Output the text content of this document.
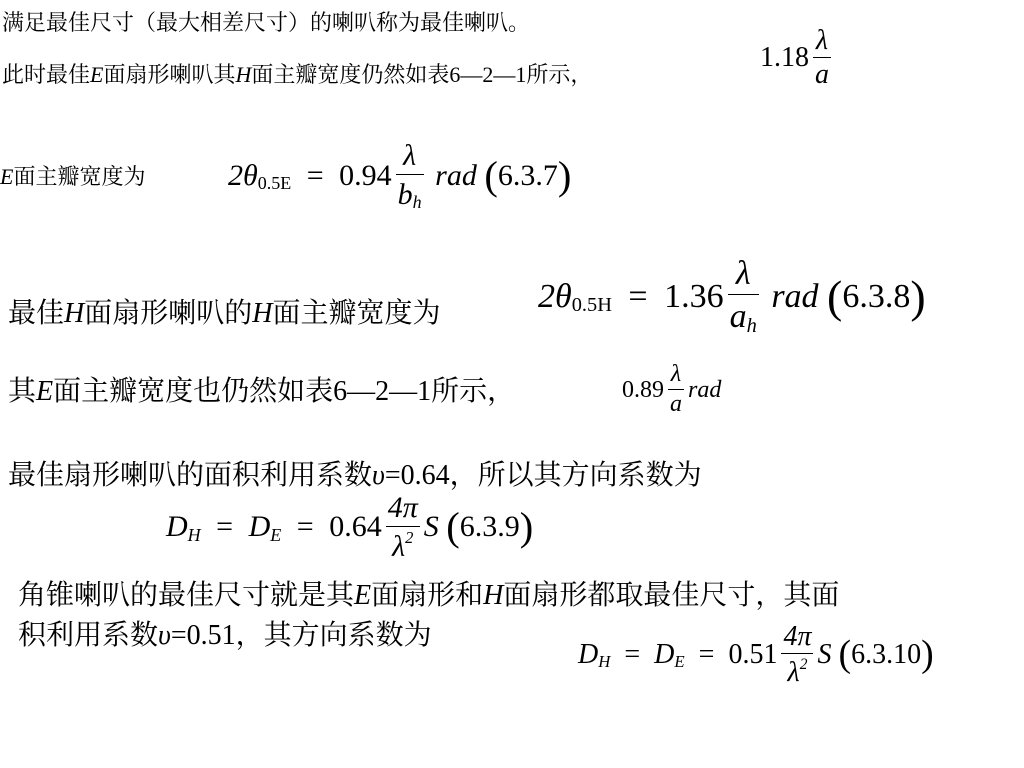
满足最佳尺寸（最大相差尺寸）的喇叭称为最佳喇叭。
此时最佳E面扇形喇叭其H面主瓣宽度仍然如表6—2—1所示，
$1.18 \frac{\lambda}{a}$
E面主瓣宽度为	$2\theta 0.5E = 0.94 \frac{\lambda}{bh}$ rad (6.3.7)
最佳H面扇形喇叭的H面主瓣宽度为	$2\theta 0.5H = 1.36 \frac{\lambda}{ah}$ rad (6.3.8)
其E面主瓣宽度也仍然如表6—2—1所示，	$0.89 \frac{\lambda}{a}$ rad
最佳扇形喇叭的面积利用系数υ=0.64，所以其方向系数为
DH = DE = $0.64 \frac{4\pi}{\lambda 2}$ S (6.3.9)
角锥喇叭的最佳尺寸就是其E面扇形和H面扇形都取最佳尺寸，其面
积利用系数υ=0.51，其方向系数为
DH = DE = $0.51 \frac{4\pi}{\lambda 2}$ S (6.3.10)
